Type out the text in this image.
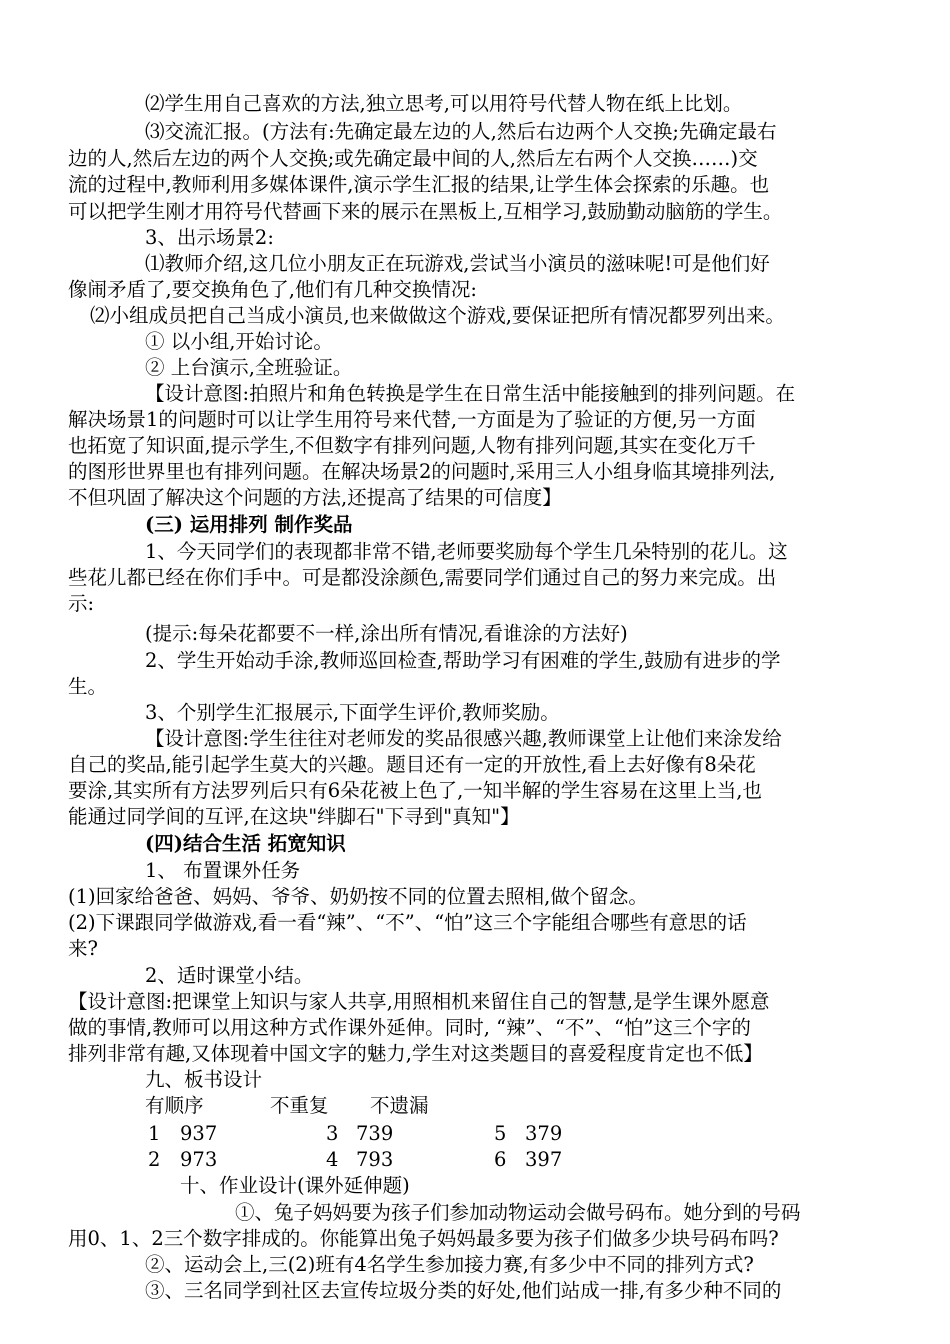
⑵学生用自己喜欢的方法,独立思考,可以用符号代替人物在纸上比划。
⑶交流汇报。(方法有:先确定最左边的人,然后右边两个人交换;先确定最右
边的人,然后左边的两个人交换;或先确定最中间的人,然后左右两个人交换……)交
流的过程中,教师利用多媒体课件,演示学生汇报的结果,让学生体会探索的乐趣。也
可以把学生刚才用符号代替画下来的展示在黑板上,互相学习,鼓励勤动脑筋的学生。
3、出示场景2:
⑴教师介绍,这几位小朋友正在玩游戏,尝试当小演员的滋味呢!可是他们好
像闹矛盾了,要交换角色了,他们有几种交换情况:
⑵小组成员把自己当成小演员,也来做做这个游戏,要保证把所有情况都罗列出来。
① 以小组,开始讨论。
② 上台演示,全班验证。
【设计意图:拍照片和角色转换是学生在日常生活中能接触到的排列问题。在
解决场景1的问题时可以让学生用符号来代替,一方面是为了验证的方便,另一方面
也拓宽了知识面,提示学生,不但数字有排列问题,人物有排列问题,其实在变化万千
的图形世界里也有排列问题。在解决场景2的问题时,采用三人小组身临其境排列法,
不但巩固了解决这个问题的方法,还提高了结果的可信度】
(三) 运用排列 制作奖品
1、今天同学们的表现都非常不错,老师要奖励每个学生几朵特别的花儿。这
些花儿都已经在你们手中。可是都没涂颜色,需要同学们通过自己的努力来完成。出
示:
(提示:每朵花都要不一样,涂出所有情况,看谁涂的方法好)
2、学生开始动手涂,教师巡回检查,帮助学习有困难的学生,鼓励有进步的学
生。
3、个别学生汇报展示,下面学生评价,教师奖励。
【设计意图:学生往往对老师发的奖品很感兴趣,教师课堂上让他们来涂发给
自己的奖品,能引起学生莫大的兴趣。题目还有一定的开放性,看上去好像有8朵花
要涂,其实所有方法罗列后只有6朵花被上色了,一知半解的学生容易在这里上当,也
能通过同学间的互评,在这块"绊脚石"下寻到"真知"】
(四)结合生活 拓宽知识
1、 布置课外任务
(1)回家给爸爸、妈妈、爷爷、奶奶按不同的位置去照相,做个留念。
(2)下课跟同学做游戏,看一看“辣”、“不”、“怕”这三个字能组合哪些有意思的话
来?
2、适时课堂小结。
【设计意图:把课堂上知识与家人共享,用照相机来留住自己的智慧,是学生课外愿意
做的事情,教师可以用这种方式作课外延伸。同时, “辣”、“不”、“怕”这三个字的
排列非常有趣,又体现着中国文字的魅力,学生对这类题目的喜爱程度肯定也不低】
九、板书设计
有顺序	不重复 不遗漏
1 937	3 739	5 379
2 973	4 793	6 397
十、作业设计(课外延伸题)
①、兔子妈妈要为孩子们参加动物运动会做号码布。她分到的号码
用0、1、2三个数字排成的。你能算出兔子妈妈最多要为孩子们做多少块号码布吗?
②、运动会上,三(2)班有4名学生参加接力赛,有多少中不同的排列方式?
③、三名同学到社区去宣传垃圾分类的好处,他们站成一排,有多少种不同的
